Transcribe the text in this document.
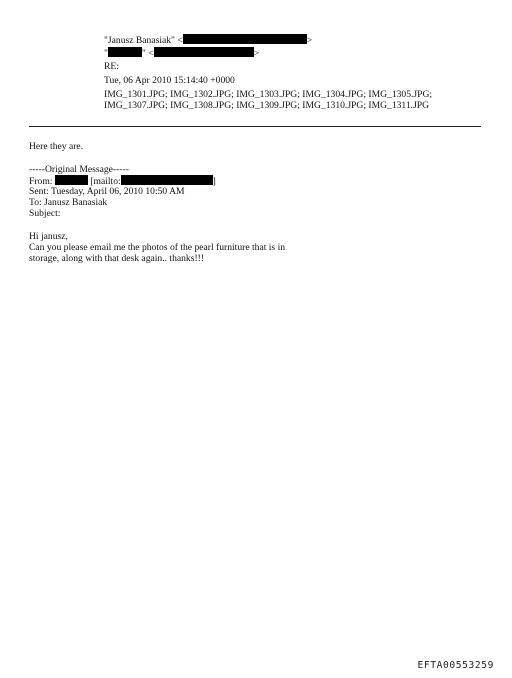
"Janusz Banasiak" <	>
"	" <	>
RE:
Tue, 06 Apr 2010 15:14:40 +0000
IMG_1301.JPG; IMG_1302.JPG; IMG_1303.JPG; IMG_1304.JPG; IMG_1305.JPG;
IMG_1307.JPG; IMG_1308.JPG; IMG_1309.JPG; IMG_1310.JPG; IMG_1311.JPG
Here they are.
-----Original Message-----
From:	[mailto:	]
Sent: Tuesday, April 06, 2010 10:50 AM
To: Janusz Banasiak
Subject:
Hi janusz,
Can you please email me the photos of the pearl furniture that is in
storage, along with that desk again.. thanks!!!
EFTA00553259
